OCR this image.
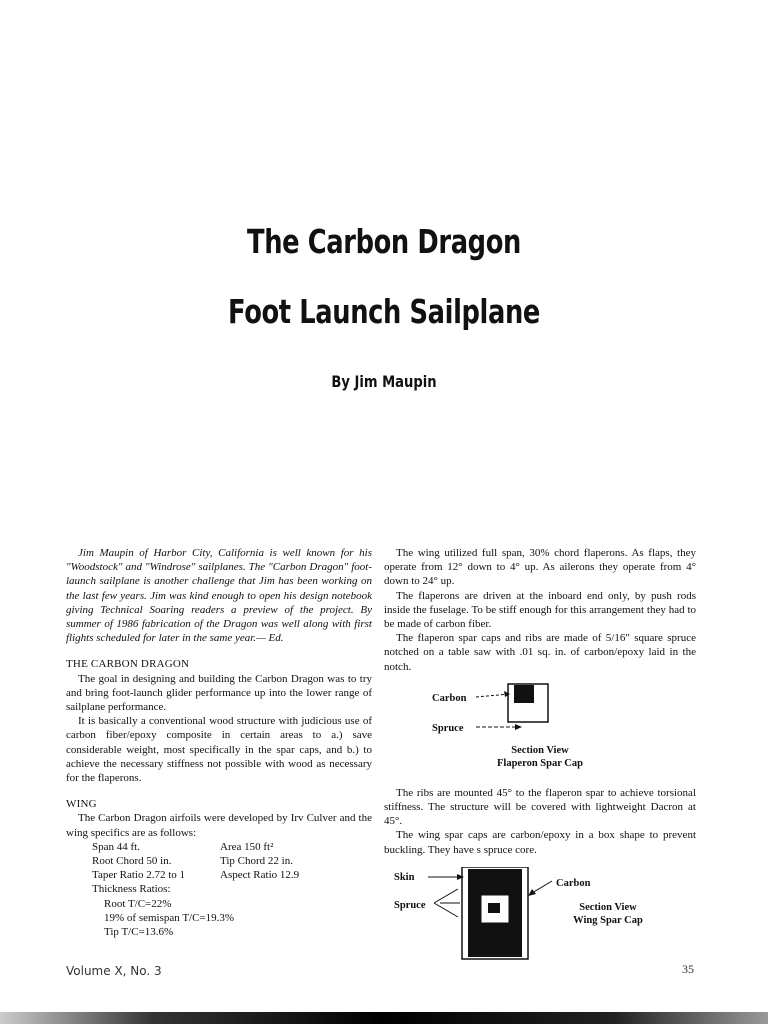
The Carbon Dragon
Foot Launch Sailplane
By Jim Maupin

Jim Maupin of Harbor City, California is well known for his "Woodstock" and "Windrose" sailplanes. The "Carbon Dragon" foot-launch sailplane is another challenge that Jim has been working on the last few years. Jim was kind enough to open his design notebook giving Technical Soaring readers a preview of the project. By summer of 1986 fabrication of the Dragon was well along with first flights scheduled for later in the same year.— Ed.

THE CARBON DRAGON

The goal in designing and building the Carbon Dragon was to try and bring foot-launch glider performance up into the lower range of sailplane performance.

It is basically a conventional wood structure with judicious use of carbon fiber/epoxy composite in certain areas to a.) save considerable weight, most specifically in the spar caps, and b.) to achieve the necessary stiffness not possible with wood as necessary for the flaperons.

WING

The Carbon Dragon airfoils were developed by Irv Culver and the wing specifics are as follows:

Span 44 ft.	Area 150 ft²
Root Chord 50 in.	Tip Chord 22 in.
Taper Ratio 2.72 to 1	Aspect Ratio 12.9
Thickness Ratios:
Root T/C=22%
19% of semispan T/C=19.3%
Tip T/C=13.6%

The wing utilized full span, 30% chord flaperons. As flaps, they operate from 12° down to 4° up. As ailerons they operate from 4° down to 24° up.

The flaperons are driven at the inboard end only, by push rods inside the fuselage. To be stiff enough for this arrangement they had to be made of carbon fiber.

The flaperon spar caps and ribs are made of 5/16" square spruce notched on a table saw with .01 sq. in. of carbon/epoxy laid in the notch.

Carbon
Spruce
Section View
Flaperon Spar Cap

The ribs are mounted 45° to the flaperon spar to achieve torsional stiffness. The structure will be covered with lightweight Dacron at 45°.

The wing spar caps are carbon/epoxy in a box shape to prevent buckling. They have s spruce core.

Skin
Spruce
Carbon
Section View
Wing Spar Cap
Volume X, No. 3	35
